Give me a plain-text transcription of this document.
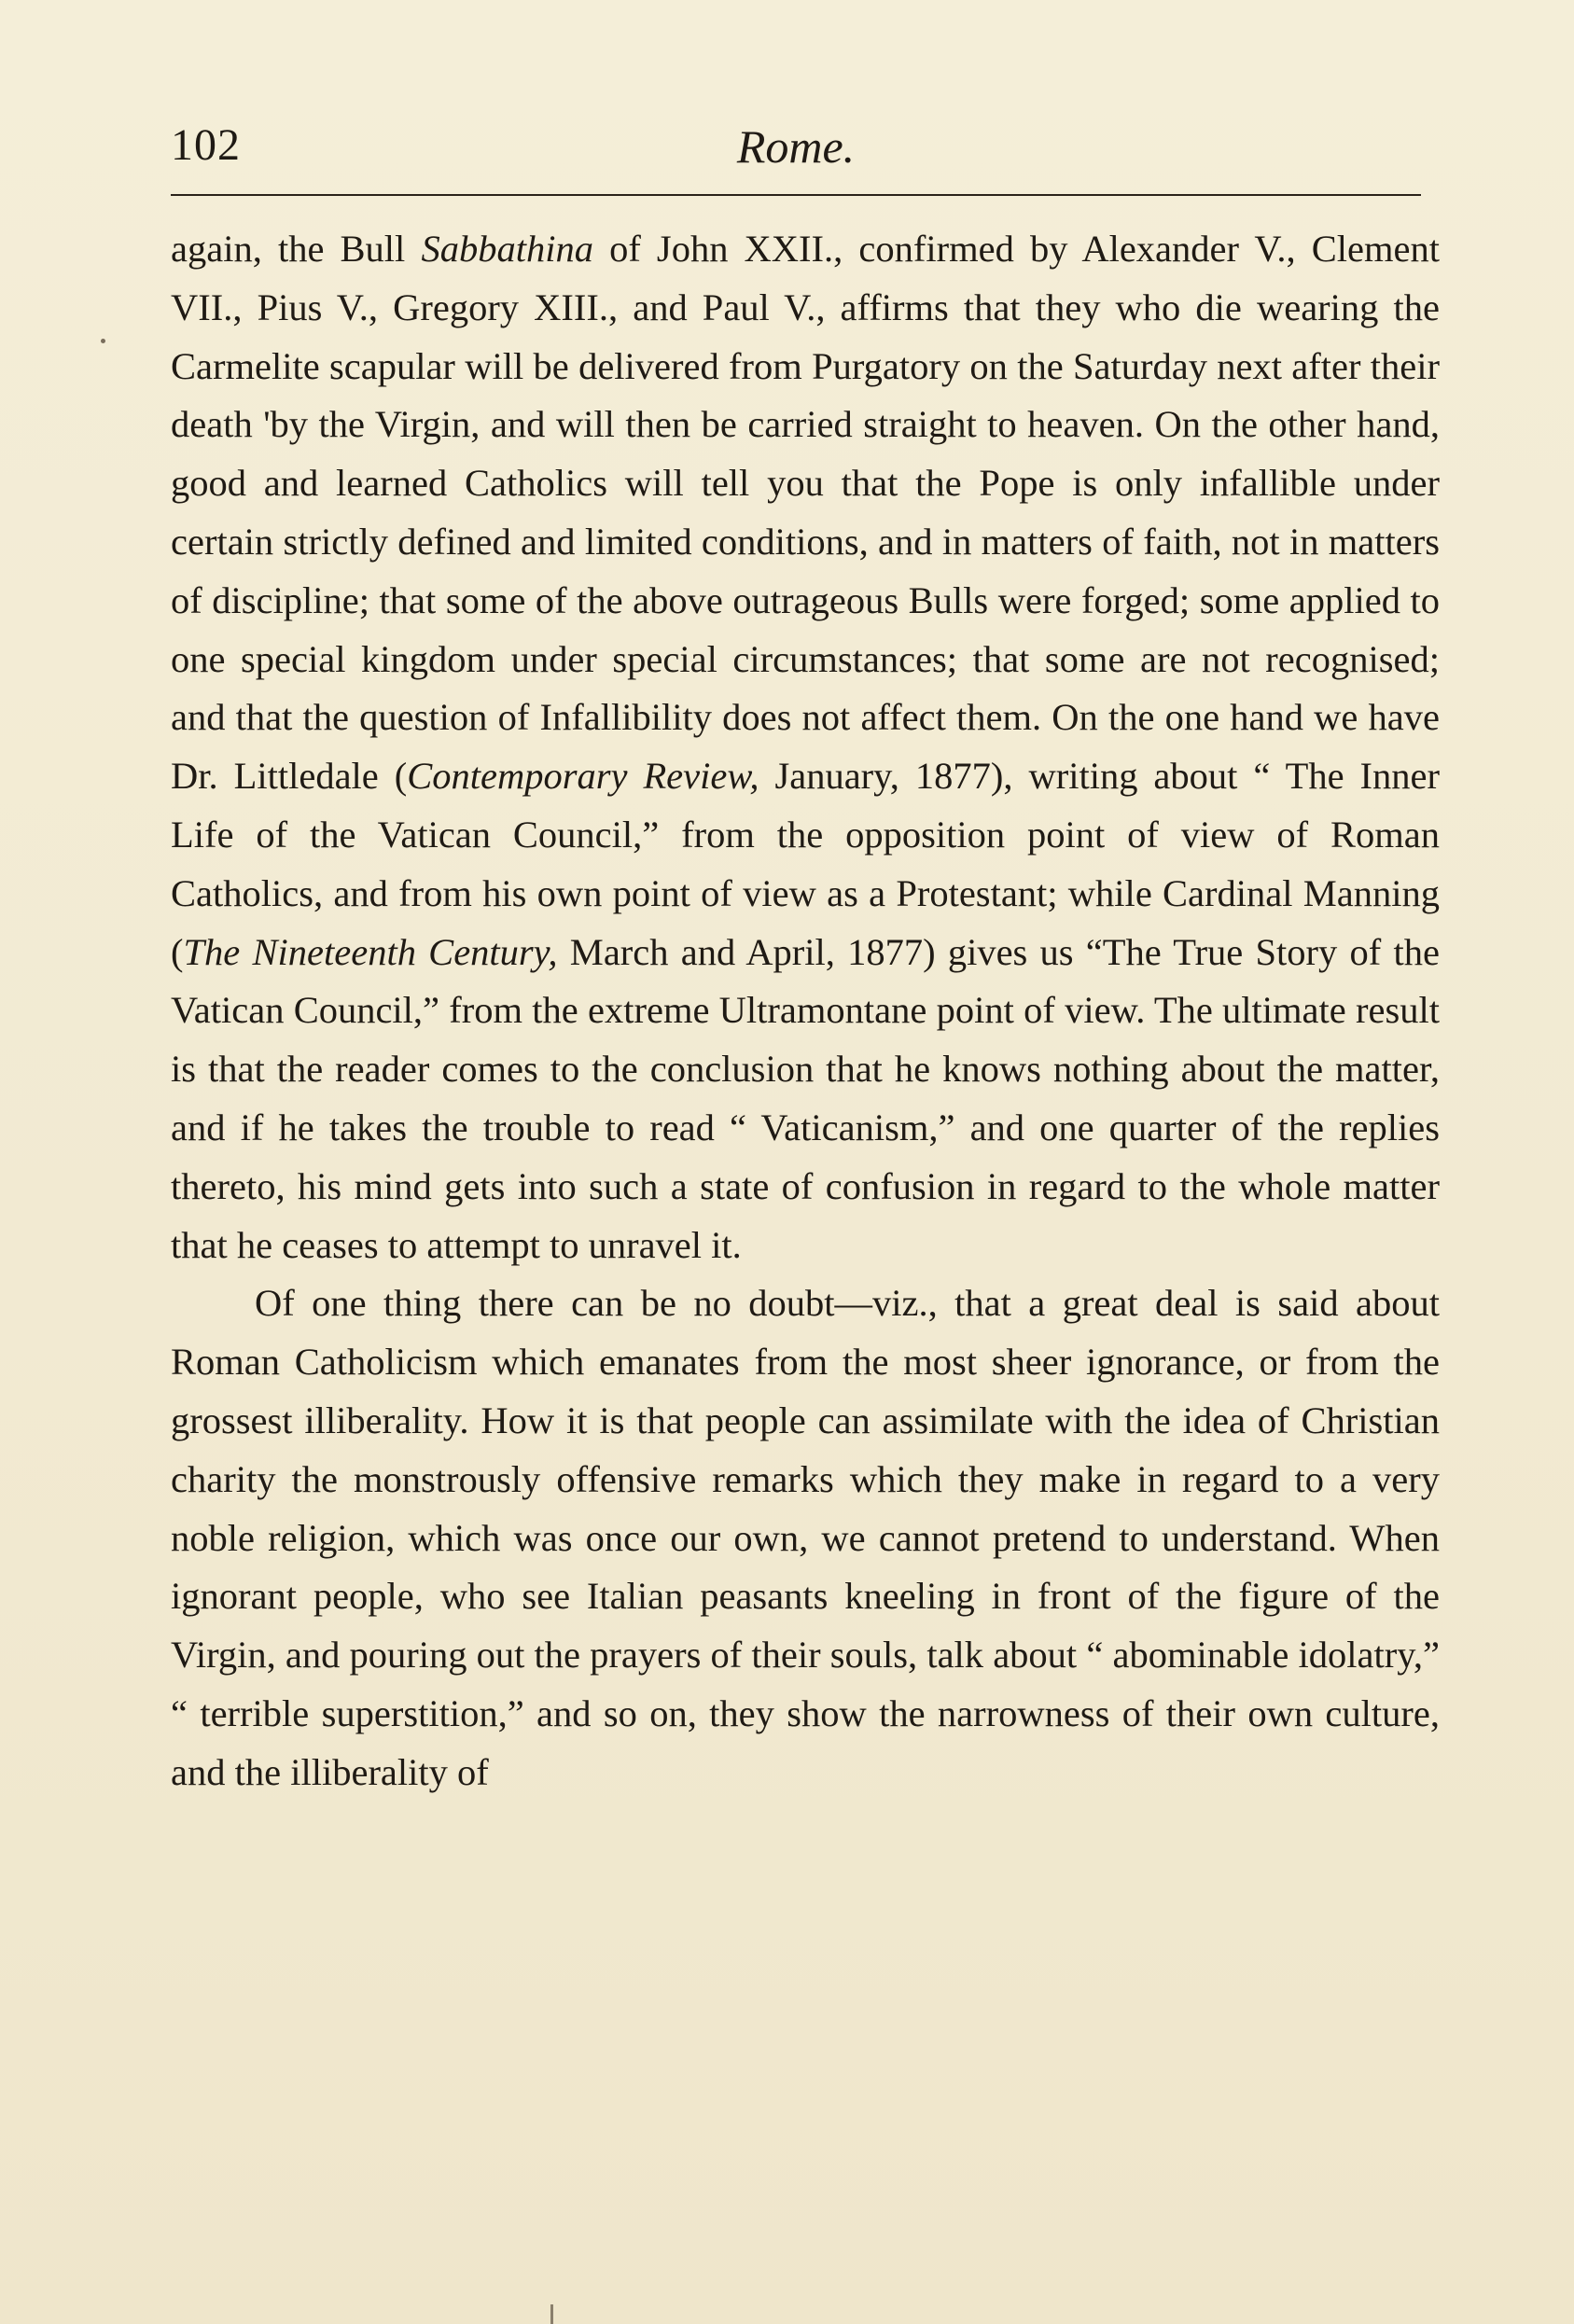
102	Rome.

again, the Bull Sabbathina of John XXII., confirmed by Alexander V., Clement VII., Pius V., Gregory XIII., and Paul V., affirms that they who die wearing the Carmelite scapular will be delivered from Purgatory on the Saturday next after their death 'by the Virgin, and will then be carried straight to heaven. On the other hand, good and learned Catholics will tell you that the Pope is only infallible under certain strictly defined and limited conditions, and in matters of faith, not in matters of discipline; that some of the above outrageous Bulls were forged; some applied to one special kingdom under special circumstances; that some are not recognised; and that the question of Infallibility does not affect them. On the one hand we have Dr. Littledale (Contemporary Review, January, 1877), writing about “ The Inner Life of the Vatican Council,” from the opposition point of view of Roman Catholics, and from his own point of view as a Protestant; while Cardinal Manning (The Nineteenth Century, March and April, 1877) gives us “The True Story of the Vatican Council,” from the extreme Ultramontane point of view. The ultimate result is that the reader comes to the conclusion that he knows nothing about the matter, and if he takes the trouble to read “ Vaticanism,” and one quarter of the replies thereto, his mind gets into such a state of confusion in regard to the whole matter that he ceases to attempt to unravel it.

Of one thing there can be no doubt—viz., that a great deal is said about Roman Catholicism which emanates from the most sheer ignorance, or from the grossest illiberality. How it is that people can assimilate with the idea of Christian charity the monstrously offensive remarks which they make in regard to a very noble religion, which was once our own, we cannot pretend to understand. When ignorant people, who see Italian peasants kneeling in front of the figure of the Virgin, and pouring out the prayers of their souls, talk about “ abominable idolatry,” “ terrible superstition,” and so on, they show the narrowness of their own culture, and the illiberality of
